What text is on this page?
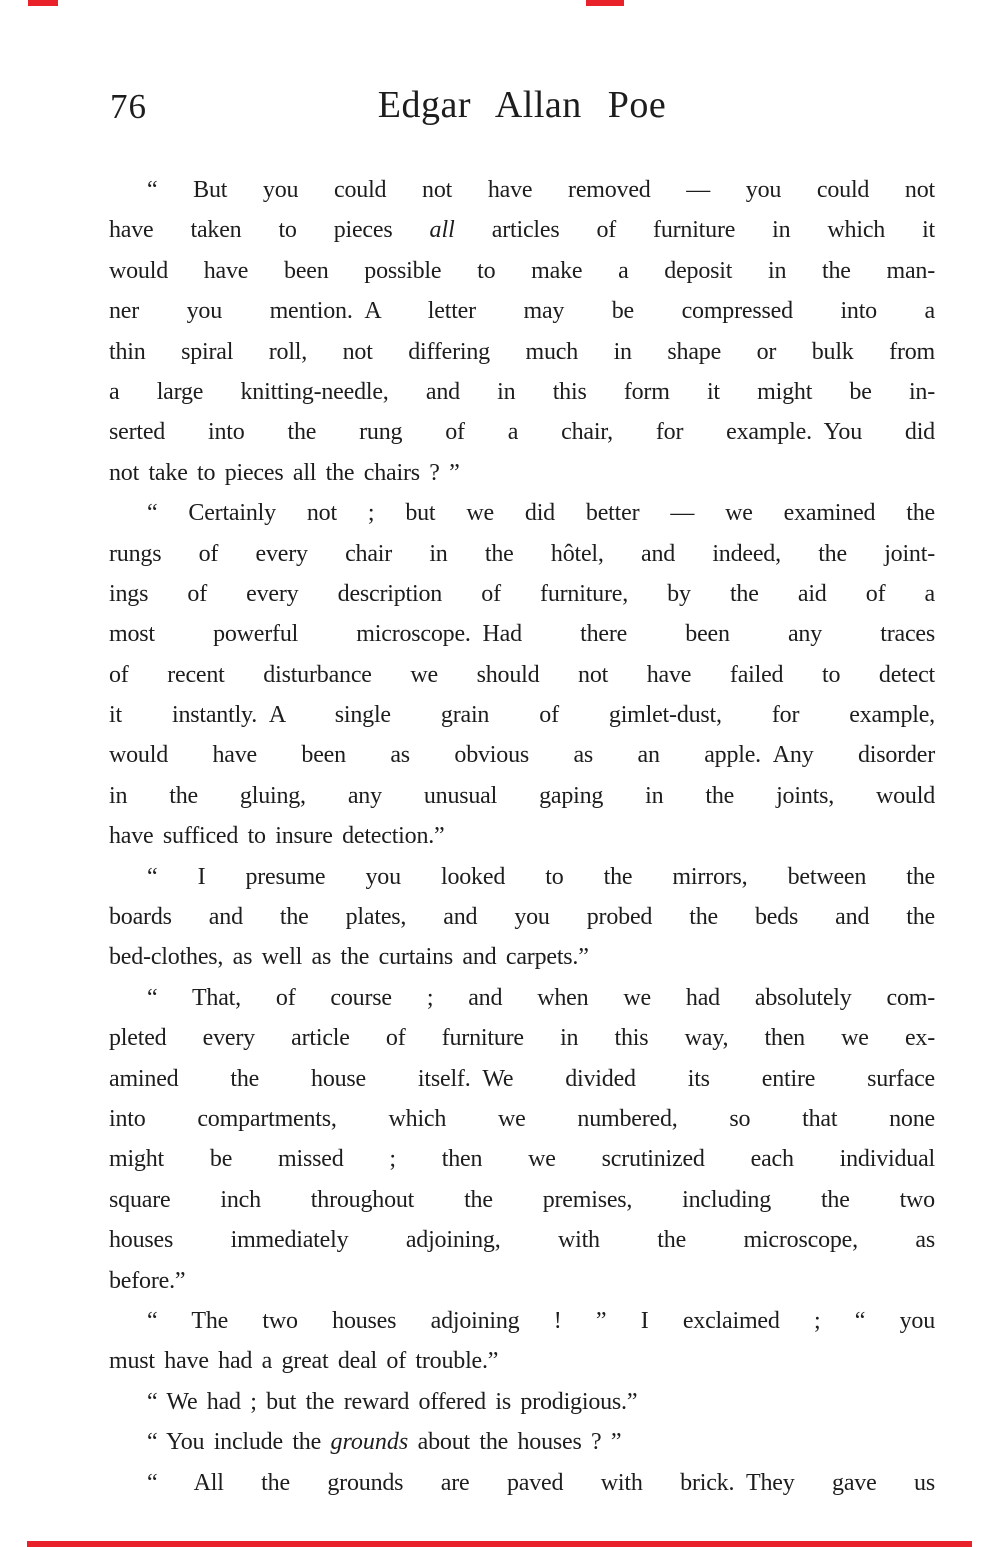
76	Edgar Allan Poe
“ But you could not have removed — you could not
have taken to pieces all articles of furniture in which it
would have been possible to make a deposit in the man-
ner you mention. A letter may be compressed into a
thin spiral roll, not differing much in shape or bulk from
a large knitting-needle, and in this form it might be in-
serted into the rung of a chair, for example. You did
not take to pieces all the chairs ? ”
“ Certainly not ; but we did better — we examined the
rungs of every chair in the hôtel, and indeed, the joint-
ings of every description of furniture, by the aid of a
most powerful microscope. Had there been any traces
of recent disturbance we should not have failed to detect
it instantly. A single grain of gimlet-dust, for example,
would have been as obvious as an apple. Any disorder
in the gluing, any unusual gaping in the joints, would
have sufficed to insure detection.”
“ I presume you looked to the mirrors, between the
boards and the plates, and you probed the beds and the
bed-clothes, as well as the curtains and carpets.”
“ That, of course ; and when we had absolutely com-
pleted every article of furniture in this way, then we ex-
amined the house itself. We divided its entire surface
into compartments, which we numbered, so that none
might be missed ; then we scrutinized each individual
square inch throughout the premises, including the two
houses immediately adjoining, with the microscope, as
before.”
“ The two houses adjoining ! ” I exclaimed ; “ you
must have had a great deal of trouble.”
“ We had ; but the reward offered is prodigious.”
“ You include the grounds about the houses ? ”
“ All the grounds are paved with brick. They gave us
